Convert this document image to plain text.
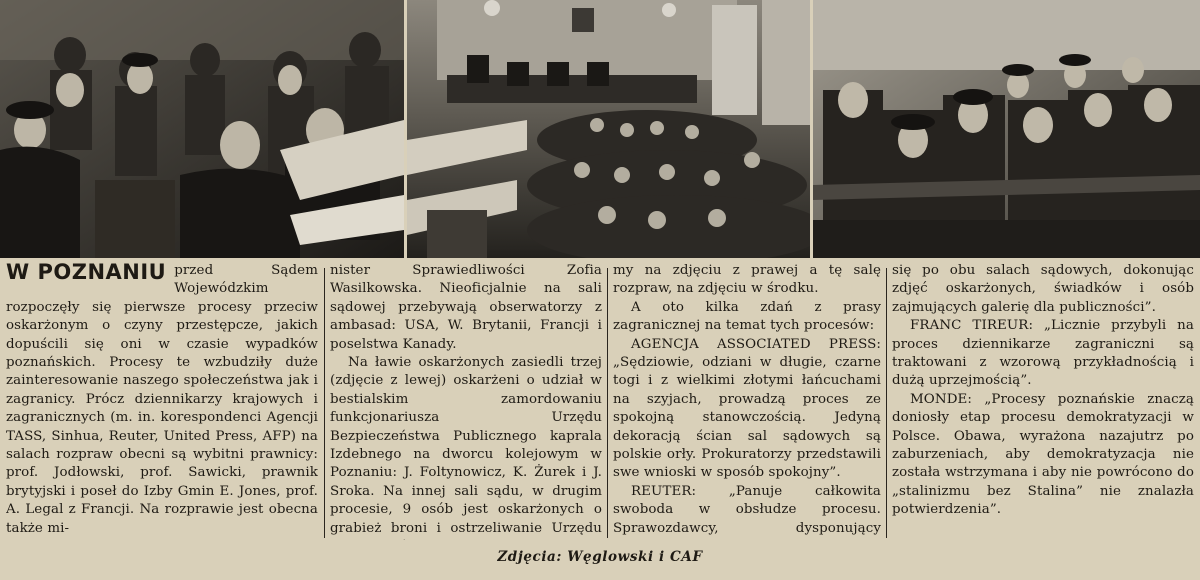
W POZNANIU przed Sądem Wojewódzkim rozpoczęły się pierwsze procesy przeciw oskarżonym o czyny przestępcze, jakich dopuścili się oni w czasie wypadków poznańskich. Procesy te wzbudziły duże zainteresowanie naszego społeczeństwa jak i zagranicy. Prócz dziennikarzy krajowych i zagranicznych (m. in. korespondenci Agencji TASS, Sinhua, Reuter, United Press, AFP) na salach rozpraw obecni są wybitni prawnicy: prof. Jodłowski, prof. Sawicki, prawnik brytyjski i poseł do Izby Gmin E. Jones, prof. A. Legal z Francji. Na rozprawie jest obecna także mi-

nister Sprawiedliwości Zofia Wasilkowska. Nieoficjalnie na sali sądowej przebywają obserwatorzy z ambasad: USA, W. Brytanii, Francji i poselstwa Kanady.

Na ławie oskarżonych zasiedli trzej (zdjęcie z lewej) oskarżeni o udział w bestialskim zamordowaniu funkcjonariusza Urzędu Bezpieczeństwa Publicznego kaprala Izdebnego na dworcu kolejowym w Poznaniu: J. Foltynowicz, K. Żurek i J. Sroka. Na innej sali sądu, w drugim procesie, 9 osób jest oskarżonych o grabież broni i ostrzeliwanie Urzędu

my na zdjęciu z prawej a tę salę rozpraw, na zdjęciu w środku.

A oto kilka zdań z prasy zagranicznej na temat tych procesów:

AGENCJA ASSOCIATED PRESS: „Sędziowie, odziani w długie, czarne togi i z wielkimi złotymi łańcuchami na szyjach, prowadzą proces ze spokojną stanowczością. Jedyną dekoracją ścian sal sądowych są polskie orły. Prokuratorzy przedstawili swe wnioski w sposób spokojny”.

REUTER: „Panuje całkowita swoboda w obsłudze procesu. Sprawozdawcy, dysponujący

się po obu salach sądowych, dokonując zdjęć oskarżonych, świadków i osób zajmujących galerię dla publiczności”.

FRANC TIREUR: „Licznie przybyli na proces dziennikarze zagraniczni są traktowani z wzorową przykładnością i dużą uprzejmością”.

MONDE: „Procesy poznańskie znaczą doniosły etap procesu demokratyzacji w Polsce. Obawa, wyrażona nazajutrz po zaburzeniach, aby demokratyzacja nie została wstrzymana i aby nie powrócono do „stalinizmu bez Stalina” nie znalazła potwierdzenia”.

Zdjęcia: Węglowski i CAF
